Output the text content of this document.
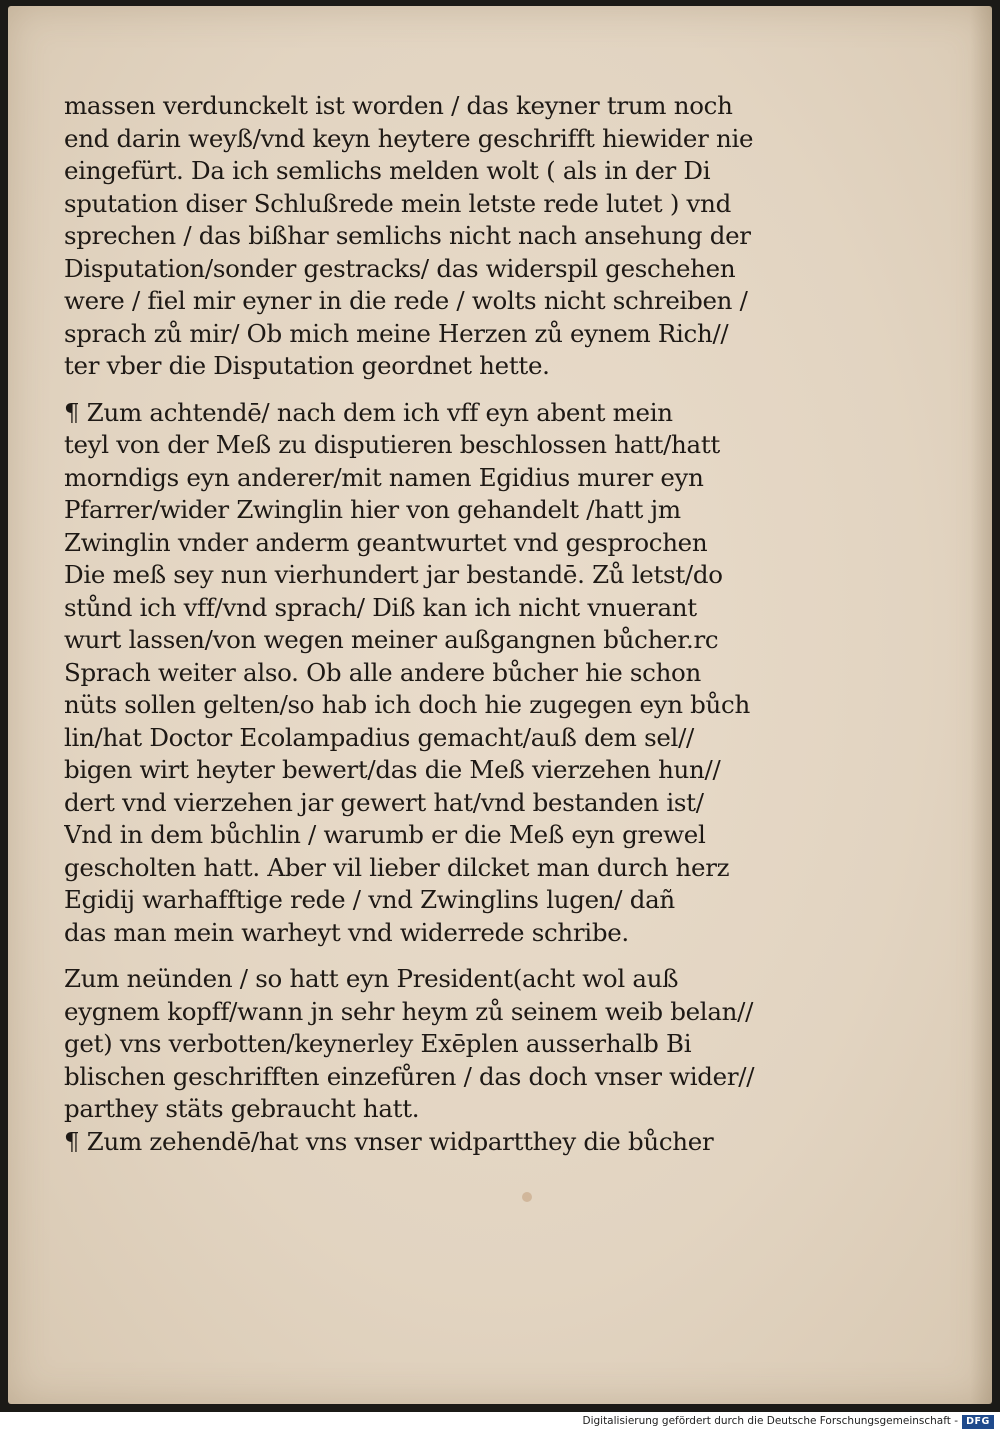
massen verdunckelt ist worden / das keyner trum noch
end darin weyß/vnd keyn heytere geschrifft hiewider nie
eingefürt. Da ich semlichs melden wolt ( als in der Di
sputation diser Schlußrede mein letste rede lutet ) vnd
sprechen / das bißhar semlichs nicht nach ansehung der
Disputation/sonder gestracks/ das widerspil geschehen
were / fiel mir eyner in die rede / wolts nicht schreiben /
sprach zů mir/ Ob mich meine Herzen zů eynem Rich//
ter vber die Disputation geordnet hette.

¶ Zum achtendē/ nach dem ich vff eyn abent mein
teyl von der Meß zu disputieren beschlossen hatt/hatt
morndigs eyn anderer/mit namen Egidius murer eyn
Pfarrer/wider Zwinglin hier von gehandelt /hatt jm
Zwinglin vnder anderm geantwurtet vnd gesprochen
Die meß sey nun vierhundert jar bestandē. Zů letst/do
stůnd ich vff/vnd sprach/ Diß kan ich nicht vnuerant
wurt lassen/von wegen meiner außgangnen bůcher.rc
Sprach weiter also. Ob alle andere bůcher hie schon
nüts sollen gelten/so hab ich doch hie zugegen eyn bůch
lin/hat Doctor Ecolampadius gemacht/auß dem sel//
bigen wirt heyter bewert/das die Meß vierzehen hun//
dert vnd vierzehen jar gewert hat/vnd bestanden ist/
Vnd in dem bůchlin / warumb er die Meß eyn grewel
gescholten hatt. Aber vil lieber dilcket man durch herz
Egidij warhafftige rede / vnd Zwinglins lugen/ dañ
das man mein warheyt vnd widerrede schribe.

Zum neünden / so hatt eyn President(acht wol auß
eygnem kopff/wann jn sehr heym zů seinem weib belan//
get) vns verbotten/keynerley Exēplen ausserhalb Bi
blischen geschrifften einzefůren / das doch vnser wider//
parthey stäts gebraucht hatt.

¶ Zum zehendē/hat vns vnser widpartthey die bůcher

Digitalisierung gefördert durch die Deutsche Forschungsgemeinschaft - DFG
